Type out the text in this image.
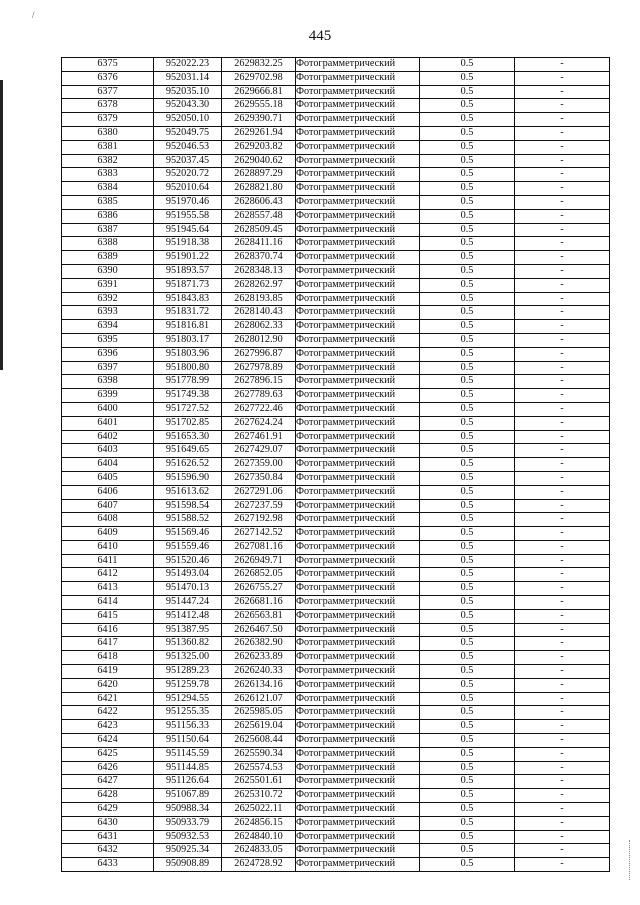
/
445
6375	952022.23	2629832.25	Фотограмметрический	0.5	-
6376	952031.14	2629702.98	Фотограмметрический	0.5	-
6377	952035.10	2629666.81	Фотограмметрический	0.5	-
6378	952043.30	2629555.18	Фотограмметрический	0.5	-
6379	952050.10	2629390.71	Фотограмметрический	0.5	-
6380	952049.75	2629261.94	Фотограмметрический	0.5	-
6381	952046.53	2629203.82	Фотограмметрический	0.5	-
6382	952037.45	2629040.62	Фотограмметрический	0.5	-
6383	952020.72	2628897.29	Фотограмметрический	0.5	-
6384	952010.64	2628821.80	Фотограмметрический	0.5	-
6385	951970.46	2628606.43	Фотограмметрический	0.5	-
6386	951955.58	2628557.48	Фотограмметрический	0.5	-
6387	951945.64	2628509.45	Фотограмметрический	0.5	-
6388	951918.38	2628411.16	Фотограмметрический	0.5	-
6389	951901.22	2628370.74	Фотограмметрический	0.5	-
6390	951893.57	2628348.13	Фотограмметрический	0.5	-
6391	951871.73	2628262.97	Фотограмметрический	0.5	-
6392	951843.83	2628193.85	Фотограмметрический	0.5	-
6393	951831.72	2628140.43	Фотограмметрический	0.5	-
6394	951816.81	2628062.33	Фотограмметрический	0.5	-
6395	951803.17	2628012.90	Фотограмметрический	0.5	-
6396	951803.96	2627996.87	Фотограмметрический	0.5	-
6397	951800.80	2627978.89	Фотограмметрический	0.5	-
6398	951778.99	2627896.15	Фотограмметрический	0.5	-
6399	951749.38	2627789.63	Фотограмметрический	0.5	-
6400	951727.52	2627722.46	Фотограмметрический	0.5	-
6401	951702.85	2627624.24	Фотограмметрический	0.5	-
6402	951653.30	2627461.91	Фотограмметрический	0.5	-
6403	951649.65	2627429.07	Фотограмметрический	0.5	-
6404	951626.52	2627359.00	Фотограмметрический	0.5	-
6405	951596.90	2627350.84	Фотограмметрический	0.5	-
6406	951613.62	2627291.06	Фотограмметрический	0.5	-
6407	951598.54	2627237.59	Фотограмметрический	0.5	-
6408	951588.52	2627192.98	Фотограмметрический	0.5	-
6409	951569.46	2627142.52	Фотограмметрический	0.5	-
6410	951559.46	2627081.16	Фотограмметрический	0.5	-
6411	951520.46	2626949.71	Фотограмметрический	0.5	-
6412	951493.04	2626852.05	Фотограмметрический	0.5	-
6413	951470.13	2626755.27	Фотограмметрический	0.5	-
6414	951447.24	2626681.16	Фотограмметрический	0.5	-
6415	951412.48	2626563.81	Фотограмметрический	0.5	-
6416	951387.95	2626467.50	Фотограмметрический	0.5	-
6417	951360.82	2626382.90	Фотограмметрический	0.5	-
6418	951325.00	2626233.89	Фотограмметрический	0.5	-
6419	951289.23	2626240.33	Фотограмметрический	0.5	-
6420	951259.78	2626134.16	Фотограмметрический	0.5	-
6421	951294.55	2626121.07	Фотограмметрический	0.5	-
6422	951255.35	2625985.05	Фотограмметрический	0.5	-
6423	951156.33	2625619.04	Фотограмметрический	0.5	-
6424	951150.64	2625608.44	Фотограмметрический	0.5	-
6425	951145.59	2625590.34	Фотограмметрический	0.5	-
6426	951144.85	2625574.53	Фотограмметрический	0.5	-
6427	951126.64	2625501.61	Фотограмметрический	0.5	-
6428	951067.89	2625310.72	Фотограмметрический	0.5	-
6429	950988.34	2625022.11	Фотограмметрический	0.5	-
6430	950933.79	2624856.15	Фотограмметрический	0.5	-
6431	950932.53	2624840.10	Фотограмметрический	0.5	-
6432	950925.34	2624833.05	Фотограмметрический	0.5	-
6433	950908.89	2624728.92	Фотограмметрический	0.5	-
